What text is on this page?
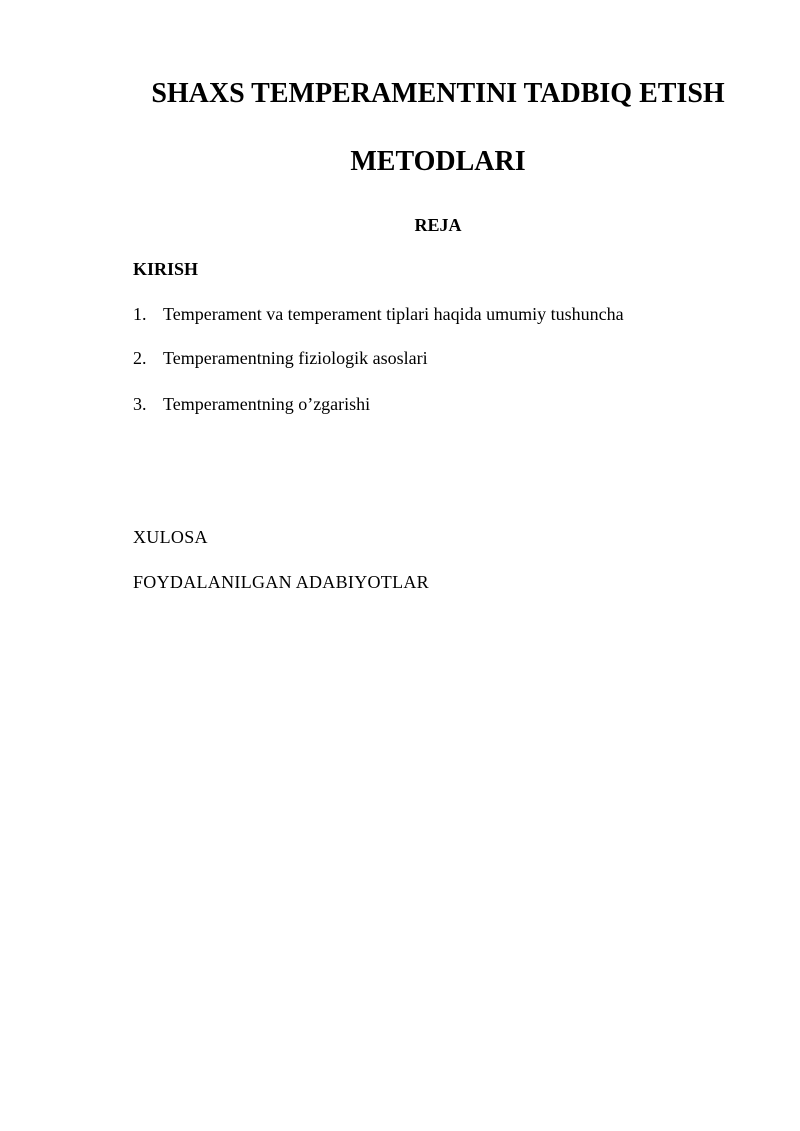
SHAXS TEMPERAMENTINI TADBIQ ETISH
METODLARI
REJA
KIRISH
1. Temperament va temperament tiplari haqida umumiy tushuncha
2. Temperamentning fiziologik asoslari
3. Temperamentning o’zgarishi
XULOSA
FOYDALANILGAN ADABIYOTLAR
